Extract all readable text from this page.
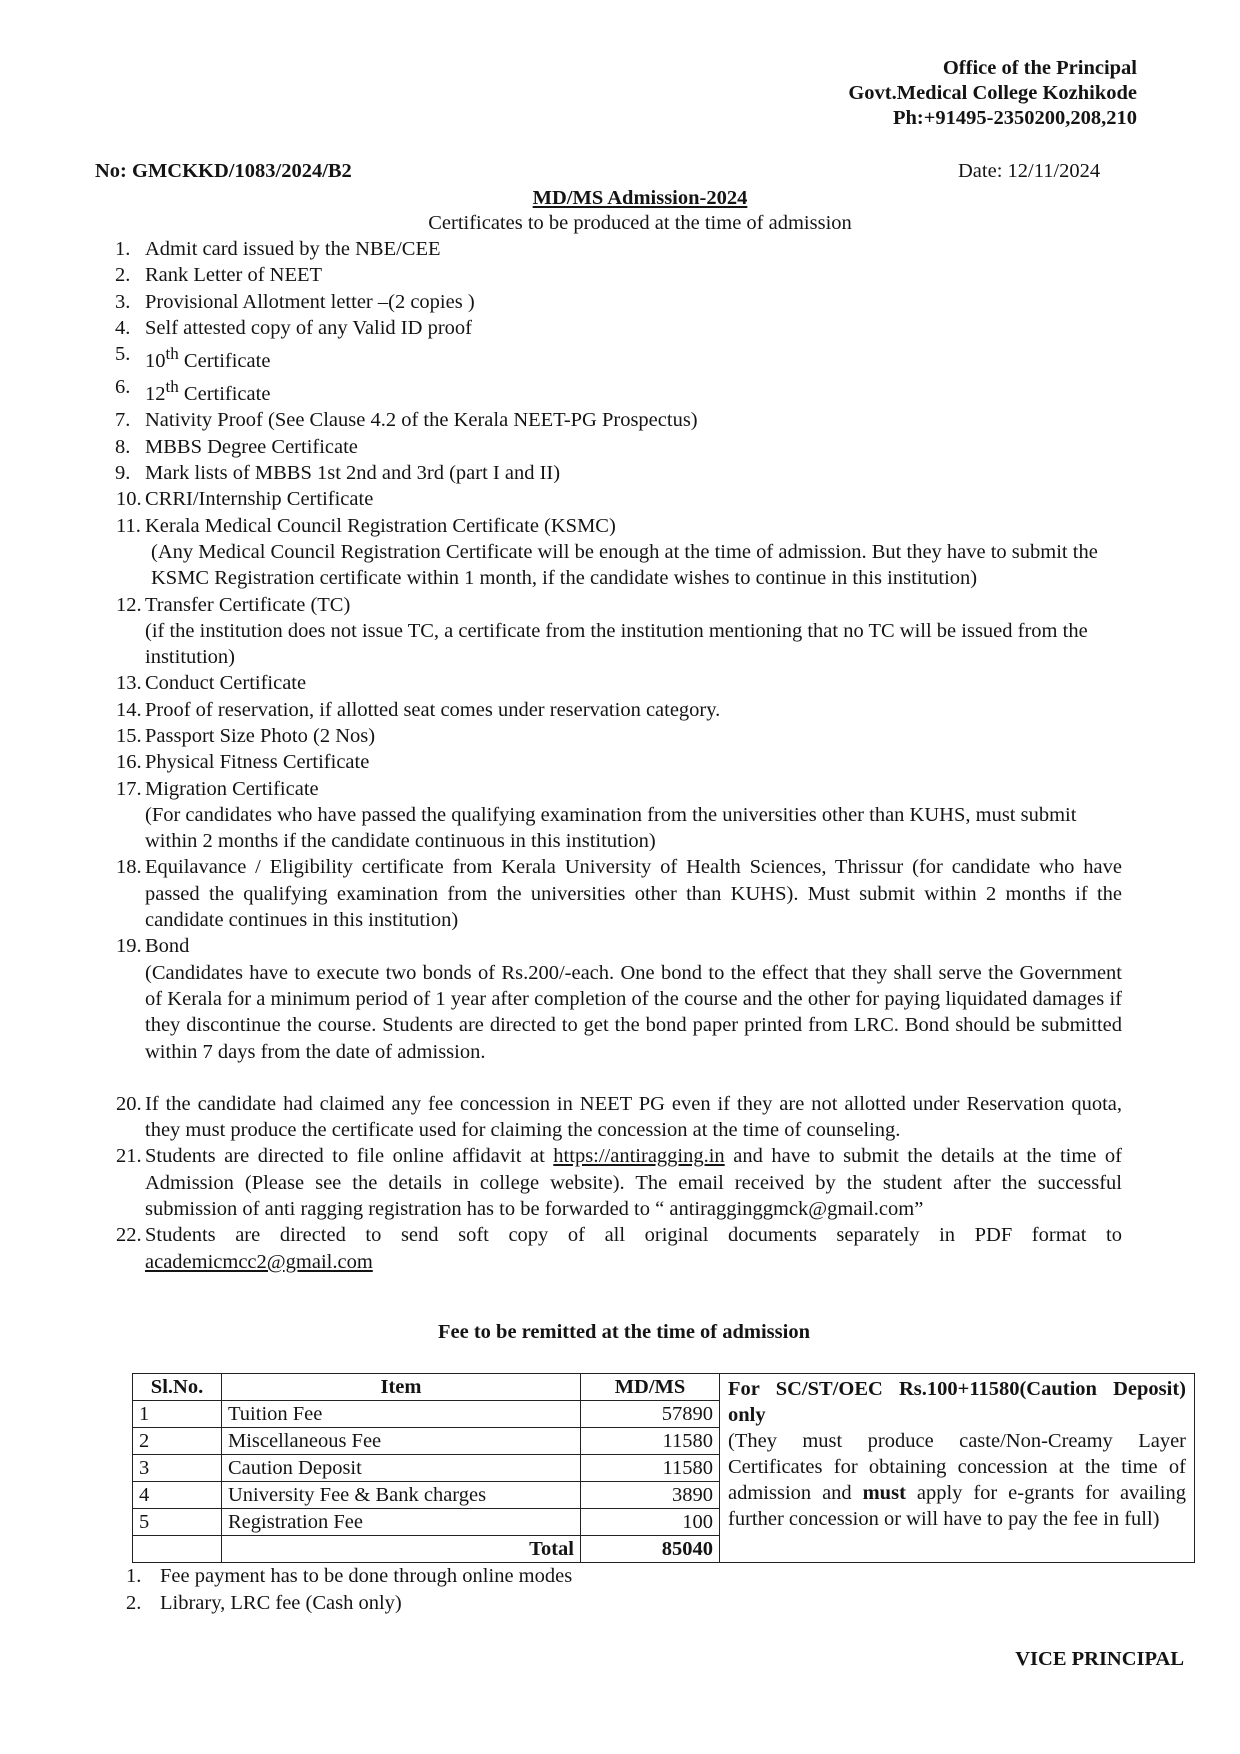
Office of the Principal
Govt.Medical College Kozhikode
Ph:+91495-2350200,208,210
No: GMCKKD/1083/2024/B2	Date: 12/11/2024
MD/MS Admission-2024
Certificates to be produced at the time of admission
1. Admit card issued by the NBE/CEE
2. Rank Letter of NEET
3. Provisional Allotment letter –(2 copies )
4. Self attested copy of any Valid ID proof
5. 10th Certificate
6. 12th Certificate
7. Nativity Proof (See Clause 4.2 of the Kerala NEET-PG Prospectus)
8. MBBS Degree Certificate
9. Mark lists of MBBS 1st 2nd and 3rd (part I and II)
10. CRRI/Internship Certificate
11. Kerala Medical Council Registration Certificate (KSMC)
(Any Medical Council Registration Certificate will be enough at the time of admission. But they have to submit the KSMC Registration certificate within 1 month, if the candidate wishes to continue in this institution)
12. Transfer Certificate (TC)
(if the institution does not issue TC, a certificate from the institution mentioning that no TC will be issued from the institution)
13. Conduct Certificate
14. Proof of reservation, if allotted seat comes under reservation category.
15. Passport Size Photo (2 Nos)
16. Physical Fitness Certificate
17. Migration Certificate
(For candidates who have passed the qualifying examination from the universities other than KUHS, must submit within 2 months if the candidate continuous in this institution)
18. Equilavance / Eligibility certificate from Kerala University of Health Sciences, Thrissur (for candidate who have passed the qualifying examination from the universities other than KUHS). Must submit within 2 months if the candidate continues in this institution)
19. Bond
(Candidates have to execute two bonds of Rs.200/-each. One bond to the effect that they shall serve the Government of Kerala for a minimum period of 1 year after completion of the course and the other for paying liquidated damages if they discontinue the course. Students are directed to get the bond paper printed from LRC. Bond should be submitted within 7 days from the date of admission.
20. If the candidate had claimed any fee concession in NEET PG even if they are not allotted under Reservation quota, they must produce the certificate used for claiming the concession at the time of counseling.
21. Students are directed to file online affidavit at https://antiragging.in and have to submit the details at the time of Admission (Please see the details in college website). The email received by the student after the successful submission of anti ragging registration has to be forwarded to “ antiragginggmck@gmail.com”
22. Students are directed to send soft copy of all original documents separately in PDF format to
academicmcc2@gmail.com
Fee to be remitted at the time of admission
Sl.No.	Item	MD/MS	For SC/ST/OEC Rs.100+11580(Caution Deposit) only
(They must produce caste/Non-Creamy Layer Certificates for obtaining concession at the time of admission and must apply for e-grants for availing further concession or will have to pay the fee in full)
1	Tuition Fee	57890	
2	Miscellaneous Fee	11580	
3	Caution Deposit	11580	
4	University Fee & Bank charges	3890	
5	Registration Fee	100	
	Total	85040	
1. Fee payment has to be done through online modes
2. Library, LRC fee (Cash only)
VICE PRINCIPAL
